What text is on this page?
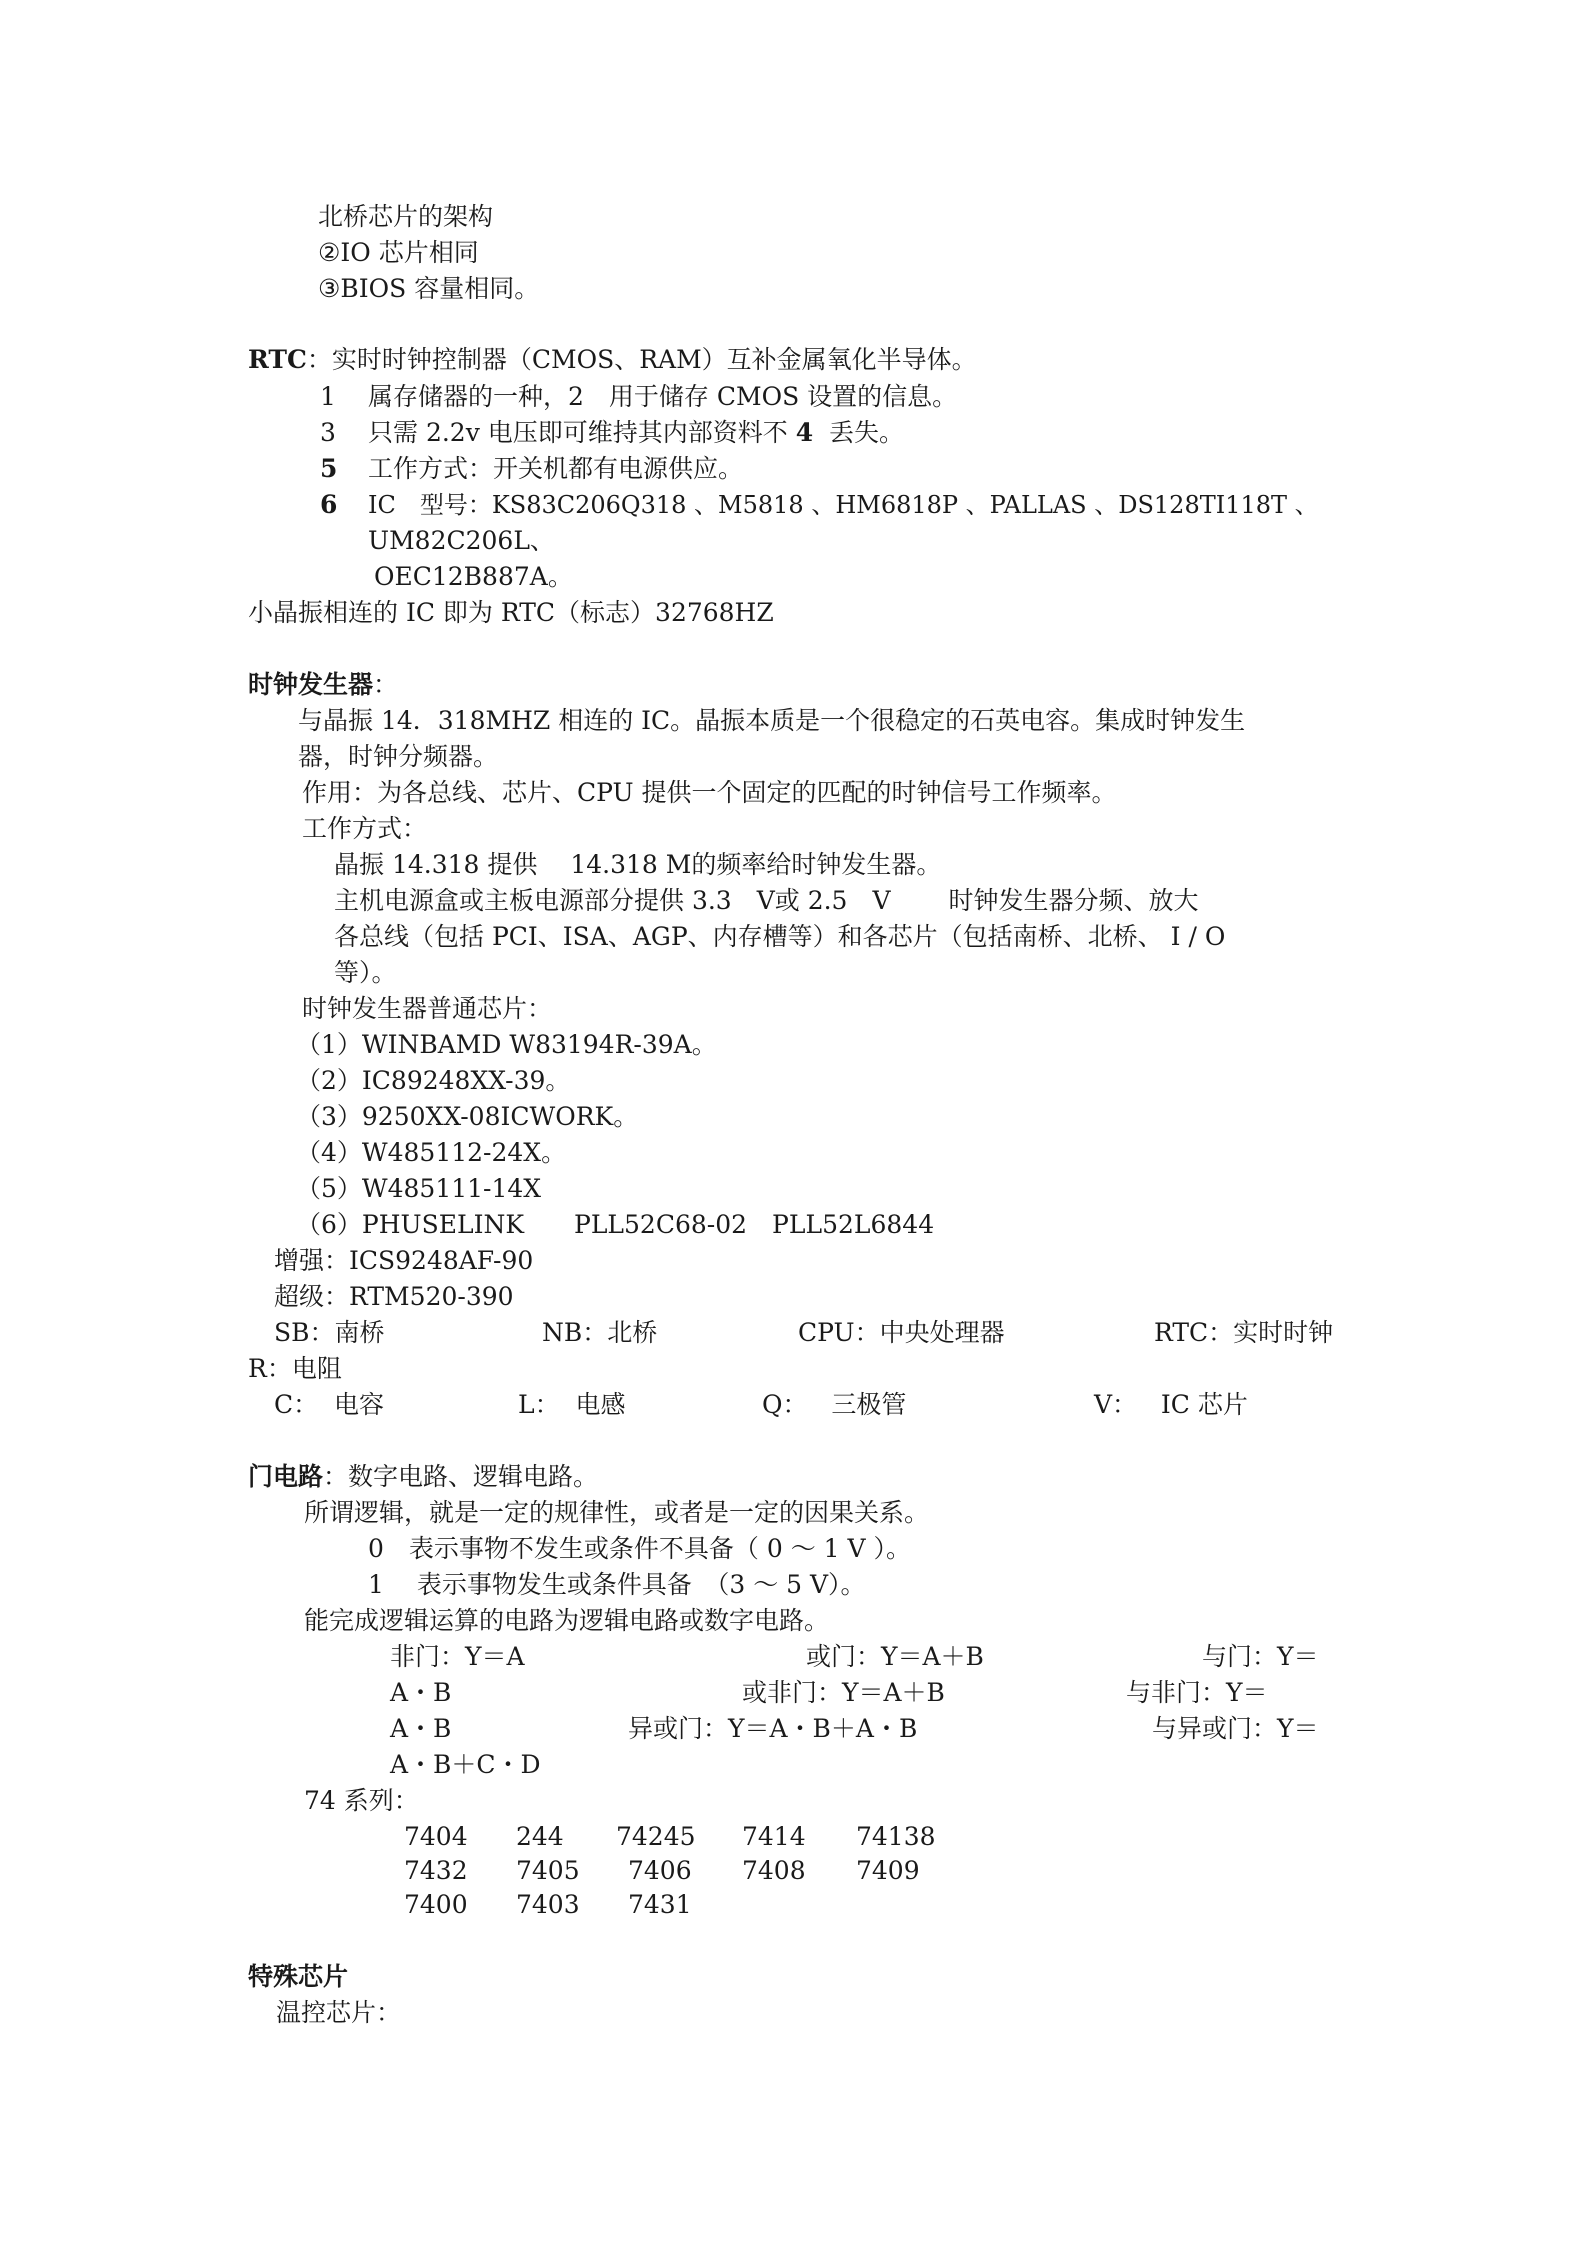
北桥芯片的架构
②IO 芯片相同
③BIOS 容量相同。
RTC：实时时钟控制器（CMOS、RAM）互补金属氧化半导体。
1 属存储器的一种，2　用于储存 CMOS 设置的信息。
3 只需 2.2v 电压即可维持其内部资料不 4 丢失。
5 工作方式：开关机都有电源供应。
6 IC　型号：KS83C206Q318 、M5818 、HM6818P 、PALLAS 、DS128TI118T 、
UM82C206L、
OEC12B887A。
小晶振相连的 IC 即为 RTC（标志）32768HZ
时钟发生器：
与晶振 14．318MHZ 相连的 IC。晶振本质是一个很稳定的石英电容。集成时钟发生
器，时钟分频器。
作用：为各总线、芯片、CPU 提供一个固定的匹配的时钟信号工作频率。
工作方式：
晶振 14.318 提供　 14.318 M的频率给时钟发生器。
主机电源盒或主板电源部分提供 3.3　V或 2.5　V　　 时钟发生器分频、放大
各总线（包括 PCI、ISA、AGP、内存槽等）和各芯片（包括南桥、北桥、 I / O
等）。
时钟发生器普通芯片：
（1）WINBAMD W83194R-39A。
（2）IC89248XX-39。
（3）9250XX-08ICWORK。
（4）W485112-24X。
（5）W485111-14X
（6）PHUSELINK　　PLL52C68-02　PLL52L6844
增强：ICS9248AF-90
超级：RTM520-390
SB：南桥	NB：北桥	CPU：中央处理器	RTC：实时时钟
R：电阻
C：  电容	L：  电感	Q：   三极管	V：   IC 芯片
门电路：数字电路、逻辑电路。
所谓逻辑，就是一定的规律性，或者是一定的因果关系。
0　表示事物不发生或条件不具备（ 0 ～ 1 V ）。
1　 表示事物发生或条件具备　（3 ～ 5 V）。
能完成逻辑运算的电路为逻辑电路或数字电路。
非门：Y＝A	或门：Y＝A＋B	与门：Y＝
A・B	或非门：Y＝A＋B	与非门：Y＝
A・B	异或门：Y＝A・B＋A・B	与异或门：Y＝
A・B＋C・D
74 系列：
7404 244 74245 7414 74138
7432 7405 7406 7408 7409
7400 7403 7431
特殊芯片
温控芯片：
